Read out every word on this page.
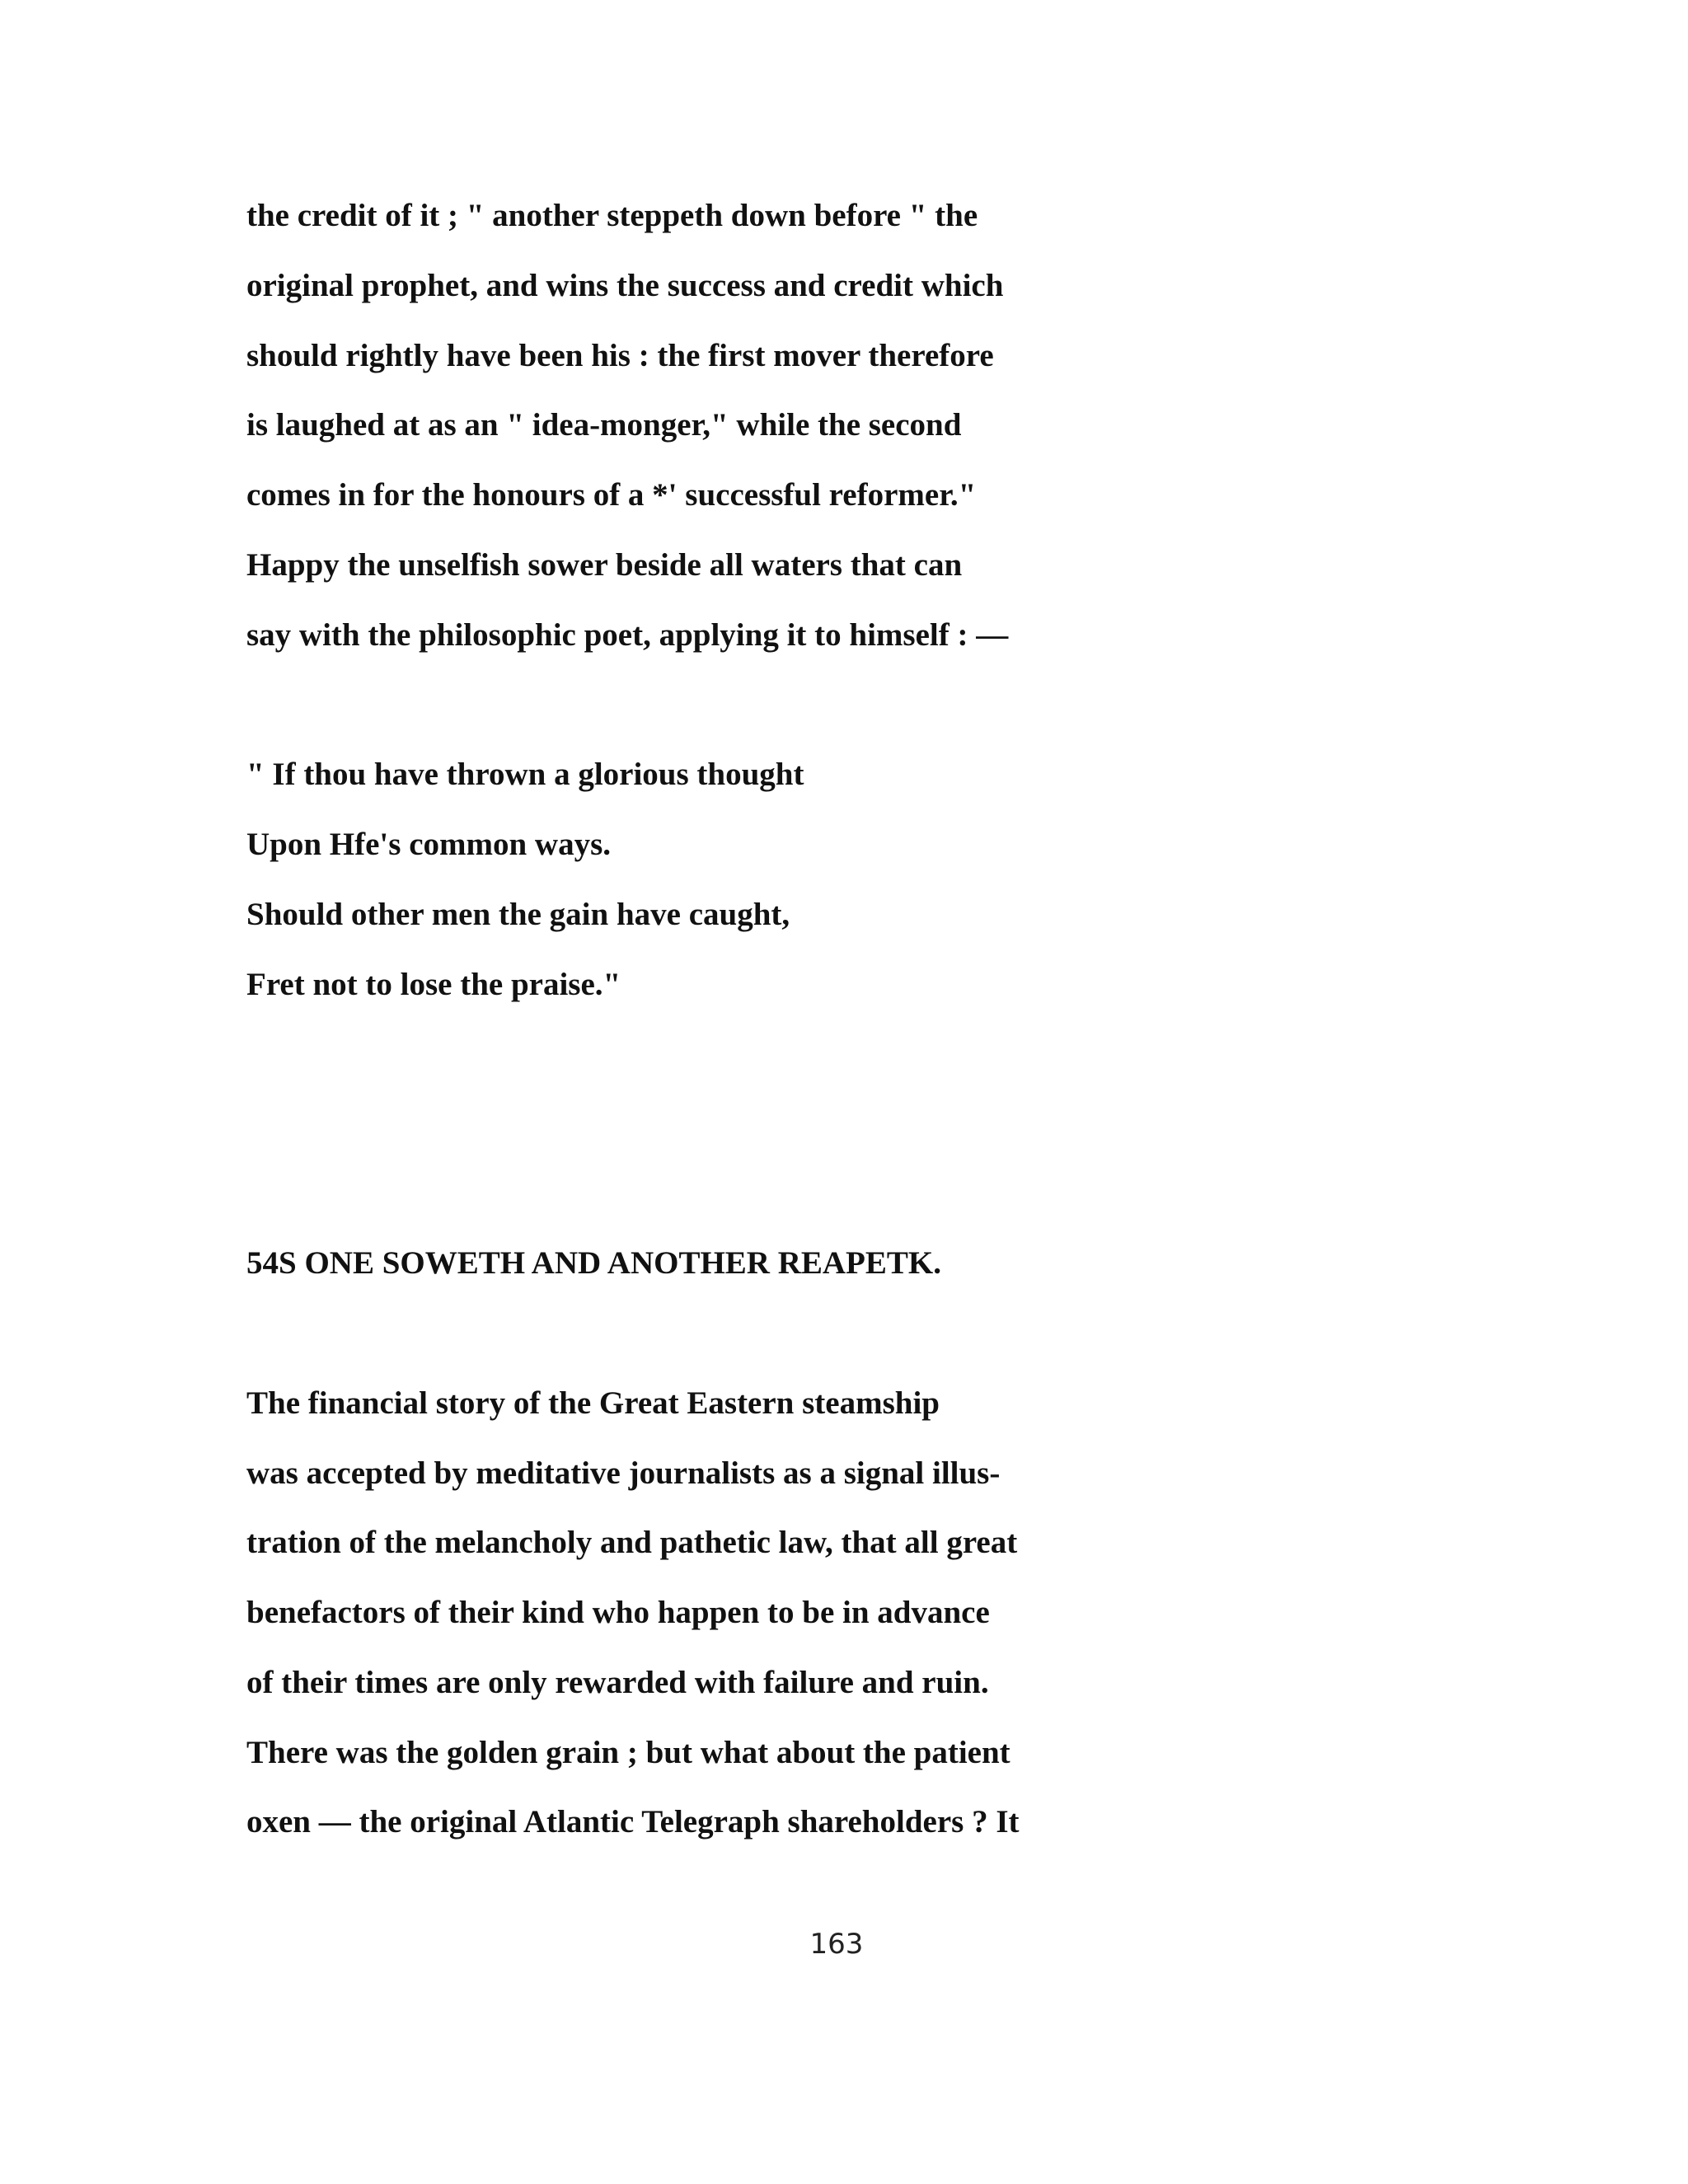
the credit of it ; " another steppeth down before " the

original prophet, and wins the success and credit which

should rightly have been his : the first mover therefore

is laughed at as an " idea-monger," while the second

comes in for the honours of a *' successful reformer."

Happy the unselfish sower beside all waters that can

say with the philosophic poet, applying it to himself : —

" If thou have thrown a glorious thought

Upon Hfe's common ways.

Should other men the gain have caught,

Fret not to lose the praise."

54S ONE SOWETH AND ANOTHER REAPETK.

The financial story of the Great Eastern steamship

was accepted by meditative journalists as a signal illus-

tration of the melancholy and pathetic law, that all great

benefactors of their kind who happen to be in advance

of their times are only rewarded with failure and ruin.

There was the golden grain ; but what about the patient

oxen — the original Atlantic Telegraph shareholders ? It

163
